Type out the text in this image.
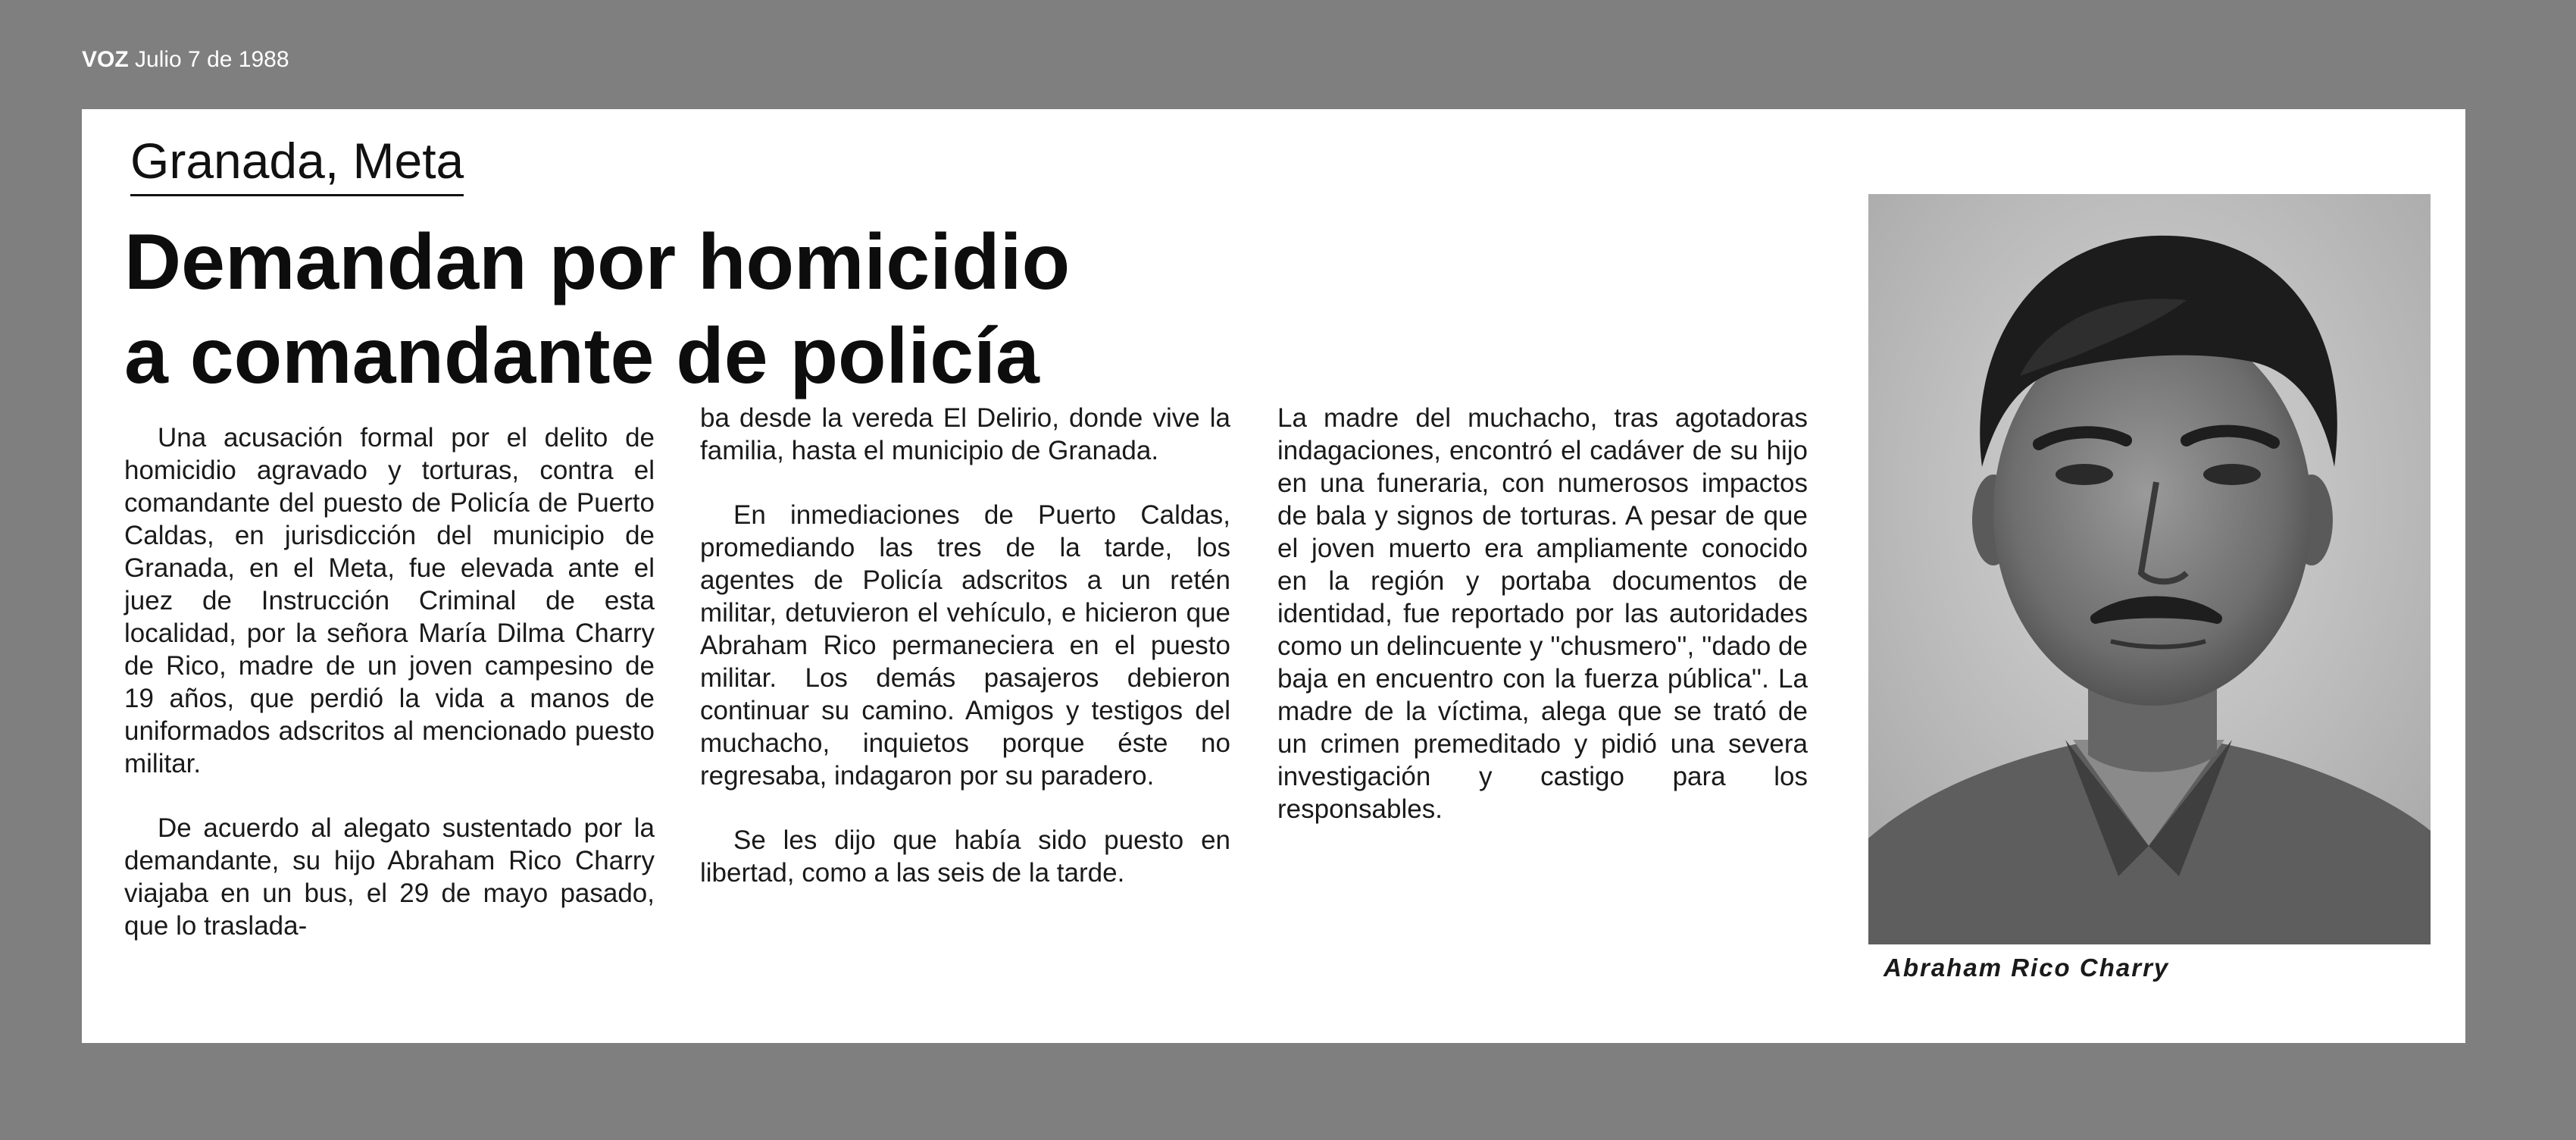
VOZ Julio 7 de 1988
Granada, Meta
Demandan por homicidio
a comandante de policía

Una acusación formal por el delito de homicidio agravado y torturas, contra el comandante del puesto de Policía de Puerto Caldas, en jurisdicción del municipio de Granada, en el Meta, fue elevada ante el juez de Instrucción Criminal de esta localidad, por la señora María Dilma Charry de Rico, madre de un joven campesino de 19 años, que perdió la vida a manos de uniformados adscritos al mencionado puesto militar.

De acuerdo al alegato sustentado por la demandante, su hijo Abraham Rico Charry viajaba en un bus, el 29 de mayo pasado, que lo traslada-

ba desde la vereda El Delirio, donde vive la familia, hasta el municipio de Granada.

En inmediaciones de Puerto Caldas, promediando las tres de la tarde, los agentes de Policía adscritos a un retén militar, detuvieron el vehículo, e hicieron que Abraham Rico permaneciera en el puesto militar. Los demás pasajeros debieron continuar su camino. Amigos y testigos del muchacho, inquietos porque éste no regresaba, indagaron por su paradero.

Se les dijo que había sido puesto en libertad, como a las seis de la tarde.

La madre del muchacho, tras agotadoras indagaciones, encontró el cadáver de su hijo en una funeraria, con numerosos impactos de bala y signos de torturas. A pesar de que el joven muerto era ampliamente conocido en la región y portaba documentos de identidad, fue reportado por las autoridades como un delincuente y ''chusmero'', ''dado de baja en encuentro con la fuerza pública''. La madre de la víctima, alega que se trató de un crimen premeditado y pidió una severa investigación y castigo para los responsables.

Abraham Rico Charry
